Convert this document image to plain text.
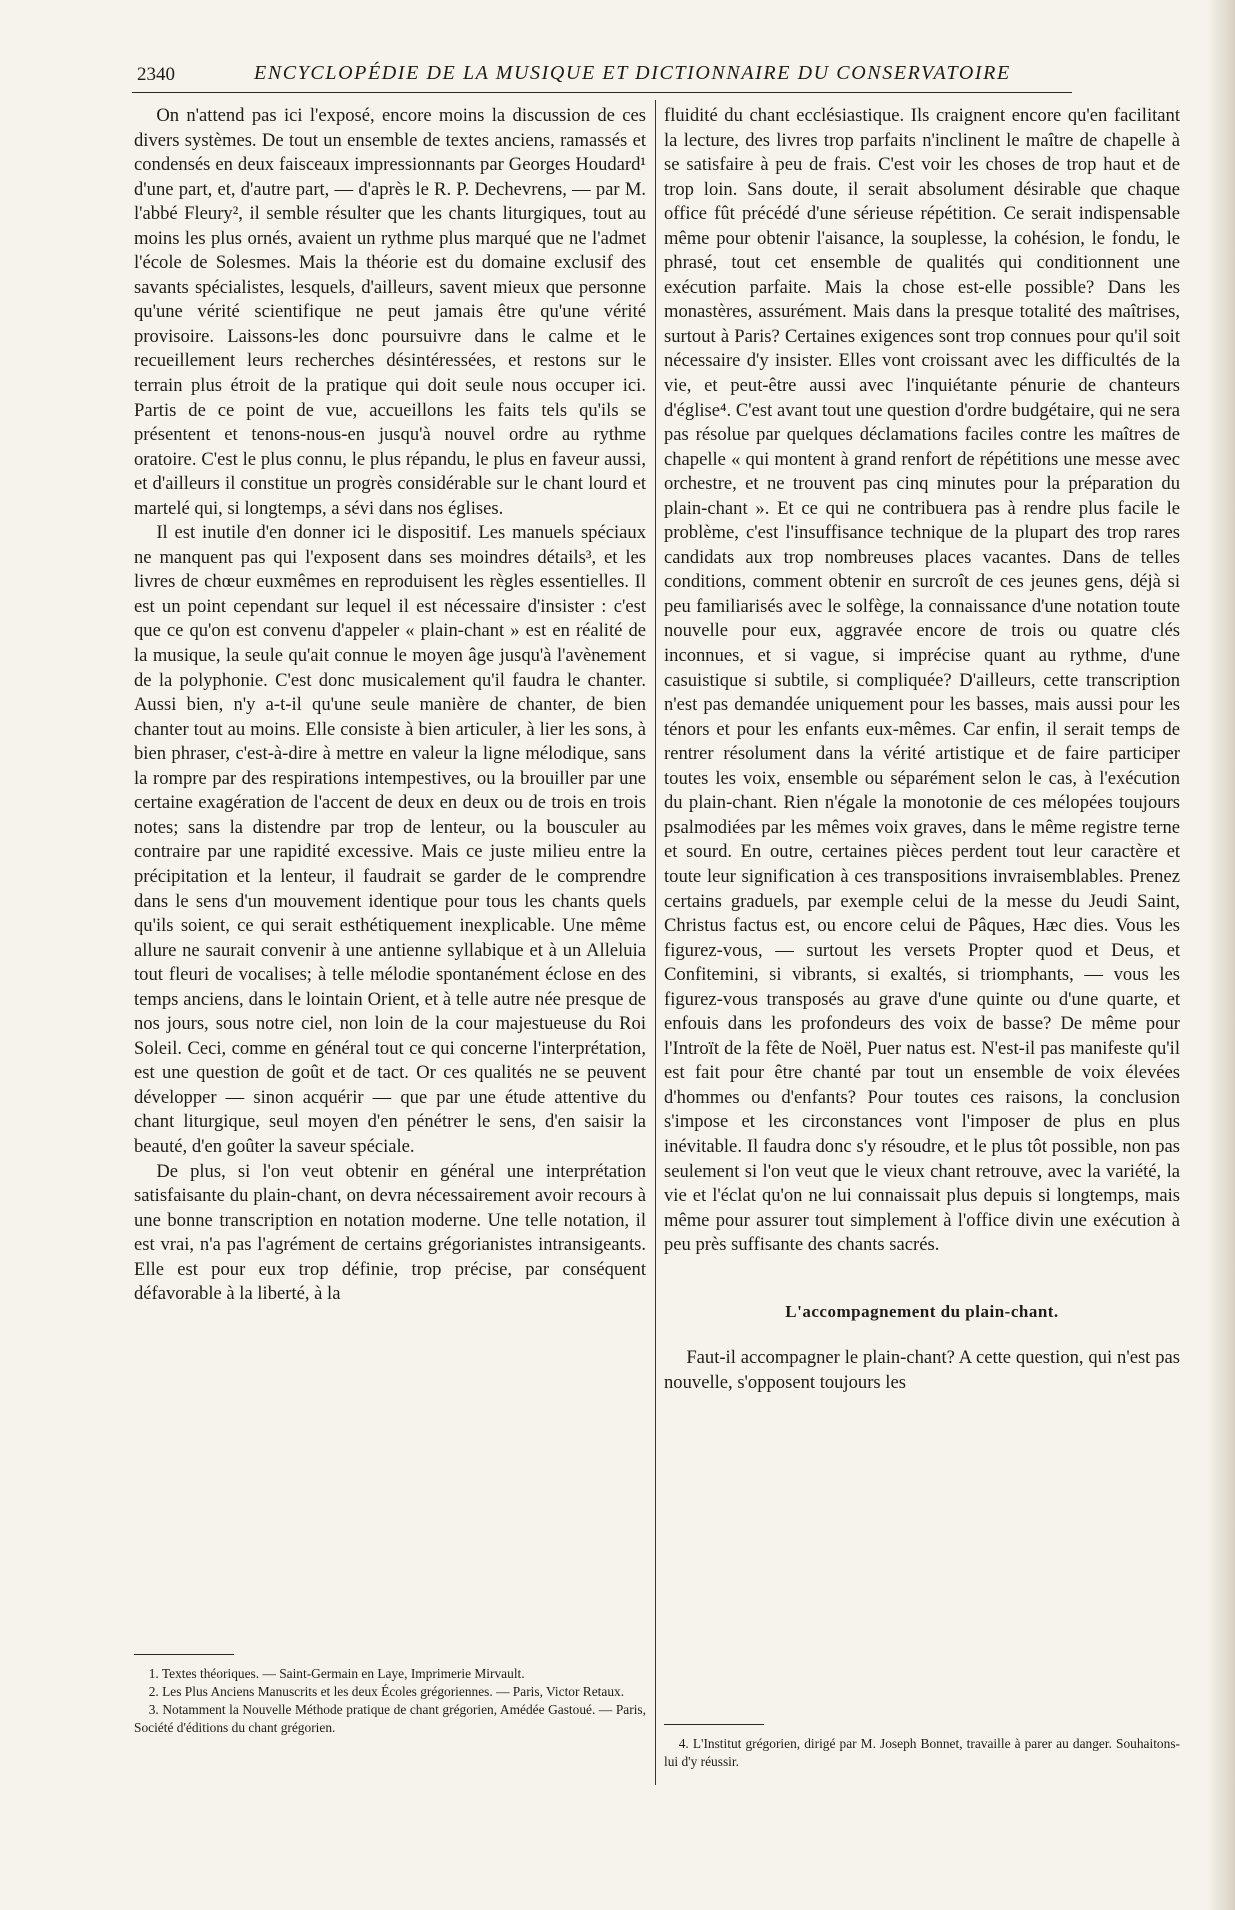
2340	ENCYCLOPÉDIE DE LA MUSIQUE ET DICTIONNAIRE DU CONSERVATOIRE

On n'attend pas ici l'exposé, encore moins la discussion de ces divers systèmes. De tout un ensemble de textes anciens, ramassés et condensés en deux faisceaux impressionnants par Georges Houdard¹ d'une part, et, d'autre part, — d'après le R. P. Dechevrens, — par M. l'abbé Fleury², il semble résulter que les chants liturgiques, tout au moins les plus ornés, avaient un rythme plus marqué que ne l'admet l'école de Solesmes. Mais la théorie est du domaine exclusif des savants spécialistes, lesquels, d'ailleurs, savent mieux que personne qu'une vérité scientifique ne peut jamais être qu'une vérité provisoire. Laissons-les donc poursuivre dans le calme et le recueillement leurs recherches désintéressées, et restons sur le terrain plus étroit de la pratique qui doit seule nous occuper ici. Partis de ce point de vue, accueillons les faits tels qu'ils se présentent et tenons-nous-en jusqu'à nouvel ordre au rythme oratoire. C'est le plus connu, le plus répandu, le plus en faveur aussi, et d'ailleurs il constitue un progrès considérable sur le chant lourd et martelé qui, si longtemps, a sévi dans nos églises.

Il est inutile d'en donner ici le dispositif. Les manuels spéciaux ne manquent pas qui l'exposent dans ses moindres détails³, et les livres de chœur euxmêmes en reproduisent les règles essentielles. Il est un point cependant sur lequel il est nécessaire d'insister : c'est que ce qu'on est convenu d'appeler « plain-chant » est en réalité de la musique, la seule qu'ait connue le moyen âge jusqu'à l'avènement de la polyphonie. C'est donc musicalement qu'il faudra le chanter. Aussi bien, n'y a-t-il qu'une seule manière de chanter, de bien chanter tout au moins. Elle consiste à bien articuler, à lier les sons, à bien phraser, c'est-à-dire à mettre en valeur la ligne mélodique, sans la rompre par des respirations intempestives, ou la brouiller par une certaine exagération de l'accent de deux en deux ou de trois en trois notes; sans la distendre par trop de lenteur, ou la bousculer au contraire par une rapidité excessive. Mais ce juste milieu entre la précipitation et la lenteur, il faudrait se garder de le comprendre dans le sens d'un mouvement identique pour tous les chants quels qu'ils soient, ce qui serait esthétiquement inexplicable. Une même allure ne saurait convenir à une antienne syllabique et à un Alleluia tout fleuri de vocalises; à telle mélodie spontanément éclose en des temps anciens, dans le lointain Orient, et à telle autre née presque de nos jours, sous notre ciel, non loin de la cour majestueuse du Roi Soleil. Ceci, comme en général tout ce qui concerne l'interprétation, est une question de goût et de tact. Or ces qualités ne se peuvent développer — sinon acquérir — que par une étude attentive du chant liturgique, seul moyen d'en pénétrer le sens, d'en saisir la beauté, d'en goûter la saveur spéciale.

De plus, si l'on veut obtenir en général une interprétation satisfaisante du plain-chant, on devra nécessairement avoir recours à une bonne transcription en notation moderne. Une telle notation, il est vrai, n'a pas l'agrément de certains grégorianistes intransigeants. Elle est pour eux trop définie, trop précise, par conséquent défavorable à la liberté, à la

fluidité du chant ecclésiastique. Ils craignent encore qu'en facilitant la lecture, des livres trop parfaits n'inclinent le maître de chapelle à se satisfaire à peu de frais. C'est voir les choses de trop haut et de trop loin. Sans doute, il serait absolument désirable que chaque office fût précédé d'une sérieuse répétition. Ce serait indispensable même pour obtenir l'aisance, la souplesse, la cohésion, le fondu, le phrasé, tout cet ensemble de qualités qui conditionnent une exécution parfaite. Mais la chose est-elle possible? Dans les monastères, assurément. Mais dans la presque totalité des maîtrises, surtout à Paris? Certaines exigences sont trop connues pour qu'il soit nécessaire d'y insister. Elles vont croissant avec les difficultés de la vie, et peut-être aussi avec l'inquiétante pénurie de chanteurs d'église⁴. C'est avant tout une question d'ordre budgétaire, qui ne sera pas résolue par quelques déclamations faciles contre les maîtres de chapelle « qui montent à grand renfort de répétitions une messe avec orchestre, et ne trouvent pas cinq minutes pour la préparation du plain-chant ». Et ce qui ne contribuera pas à rendre plus facile le problème, c'est l'insuffisance technique de la plupart des trop rares candidats aux trop nombreuses places vacantes. Dans de telles conditions, comment obtenir en surcroît de ces jeunes gens, déjà si peu familiarisés avec le solfège, la connaissance d'une notation toute nouvelle pour eux, aggravée encore de trois ou quatre clés inconnues, et si vague, si imprécise quant au rythme, d'une casuistique si subtile, si compliquée? D'ailleurs, cette transcription n'est pas demandée uniquement pour les basses, mais aussi pour les ténors et pour les enfants eux-mêmes. Car enfin, il serait temps de rentrer résolument dans la vérité artistique et de faire participer toutes les voix, ensemble ou séparément selon le cas, à l'exécution du plain-chant. Rien n'égale la monotonie de ces mélopées toujours psalmodiées par les mêmes voix graves, dans le même registre terne et sourd. En outre, certaines pièces perdent tout leur caractère et toute leur signification à ces transpositions invraisemblables. Prenez certains graduels, par exemple celui de la messe du Jeudi Saint, Christus factus est, ou encore celui de Pâques, Hæc dies. Vous les figurez-vous, — surtout les versets Propter quod et Deus, et Confitemini, si vibrants, si exaltés, si triomphants, — vous les figurez-vous transposés au grave d'une quinte ou d'une quarte, et enfouis dans les profondeurs des voix de basse? De même pour l'Introït de la fête de Noël, Puer natus est. N'est-il pas manifeste qu'il est fait pour être chanté par tout un ensemble de voix élevées d'hommes ou d'enfants? Pour toutes ces raisons, la conclusion s'impose et les circonstances vont l'imposer de plus en plus inévitable. Il faudra donc s'y résoudre, et le plus tôt possible, non pas seulement si l'on veut que le vieux chant retrouve, avec la variété, la vie et l'éclat qu'on ne lui connaissait plus depuis si longtemps, mais même pour assurer tout simplement à l'office divin une exécution à peu près suffisante des chants sacrés.

L'accompagnement du plain-chant.

Faut-il accompagner le plain-chant? A cette question, qui n'est pas nouvelle, s'opposent toujours les

1. Textes théoriques. — Saint-Germain en Laye, Imprimerie Mirvault.

2. Les Plus Anciens Manuscrits et les deux Écoles grégoriennes. — Paris, Victor Retaux.

3. Notamment la Nouvelle Méthode pratique de chant grégorien, Amédée Gastoué. — Paris, Société d'éditions du chant grégorien.

4. L'Institut grégorien, dirigé par M. Joseph Bonnet, travaille à parer au danger. Souhaitons-lui d'y réussir.
